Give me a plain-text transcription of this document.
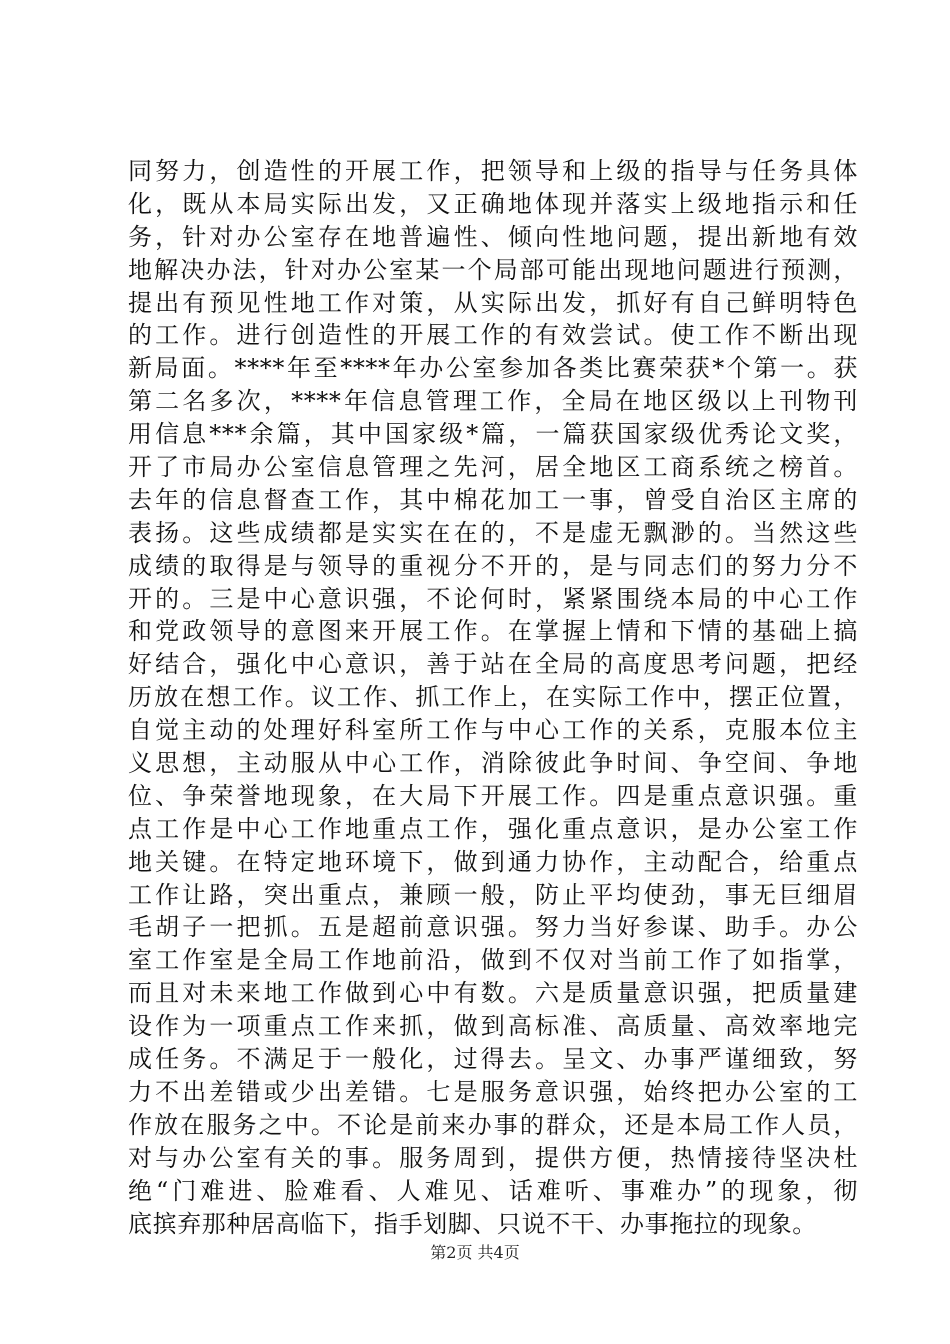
同努力，创造性的开展工作，把领导和上级的指导与任务具体
化，既从本局实际出发，又正确地体现并落实上级地指示和任
务，针对办公室存在地普遍性、倾向性地问题，提出新地有效
地解决办法，针对办公室某一个局部可能出现地问题进行预测，
提出有预见性地工作对策，从实际出发，抓好有自己鲜明特色
的工作。进行创造性的开展工作的有效尝试。使工作不断出现
新局面。****年至****年办公室参加各类比赛荣获*个第一。获
第二名多次，****年信息管理工作，全局在地区级以上刊物刊
用信息***余篇，其中国家级*篇，一篇获国家级优秀论文奖，
开了市局办公室信息管理之先河，居全地区工商系统之榜首。
去年的信息督查工作，其中棉花加工一事，曾受自治区主席的
表扬。这些成绩都是实实在在的，不是虚无飘渺的。当然这些
成绩的取得是与领导的重视分不开的，是与同志们的努力分不
开的。三是中心意识强，不论何时，紧紧围绕本局的中心工作
和党政领导的意图来开展工作。在掌握上情和下情的基础上搞
好结合，强化中心意识，善于站在全局的高度思考问题，把经
历放在想工作。议工作、抓工作上，在实际工作中，摆正位置，
自觉主动的处理好科室所工作与中心工作的关系，克服本位主
义思想，主动服从中心工作，消除彼此争时间、争空间、争地
位、争荣誉地现象，在大局下开展工作。四是重点意识强。重
点工作是中心工作地重点工作，强化重点意识，是办公室工作
地关键。在特定地环境下，做到通力协作，主动配合，给重点
工作让路，突出重点，兼顾一般，防止平均使劲，事无巨细眉
毛胡子一把抓。五是超前意识强。努力当好参谋、助手。办公
室工作室是全局工作地前沿，做到不仅对当前工作了如指掌，
而且对未来地工作做到心中有数。六是质量意识强，把质量建
设作为一项重点工作来抓，做到高标准、高质量、高效率地完
成任务。不满足于一般化，过得去。呈文、办事严谨细致，努
力不出差错或少出差错。七是服务意识强，始终把办公室的工
作放在服务之中。不论是前来办事的群众，还是本局工作人员，
对与办公室有关的事。服务周到，提供方便，热情接待坚决杜
绝“门难进、脸难看、人难见、话难听、事难办”的现象，彻
底摈弃那种居高临下，指手划脚、只说不干、办事拖拉的现象。
第2页 共4页
